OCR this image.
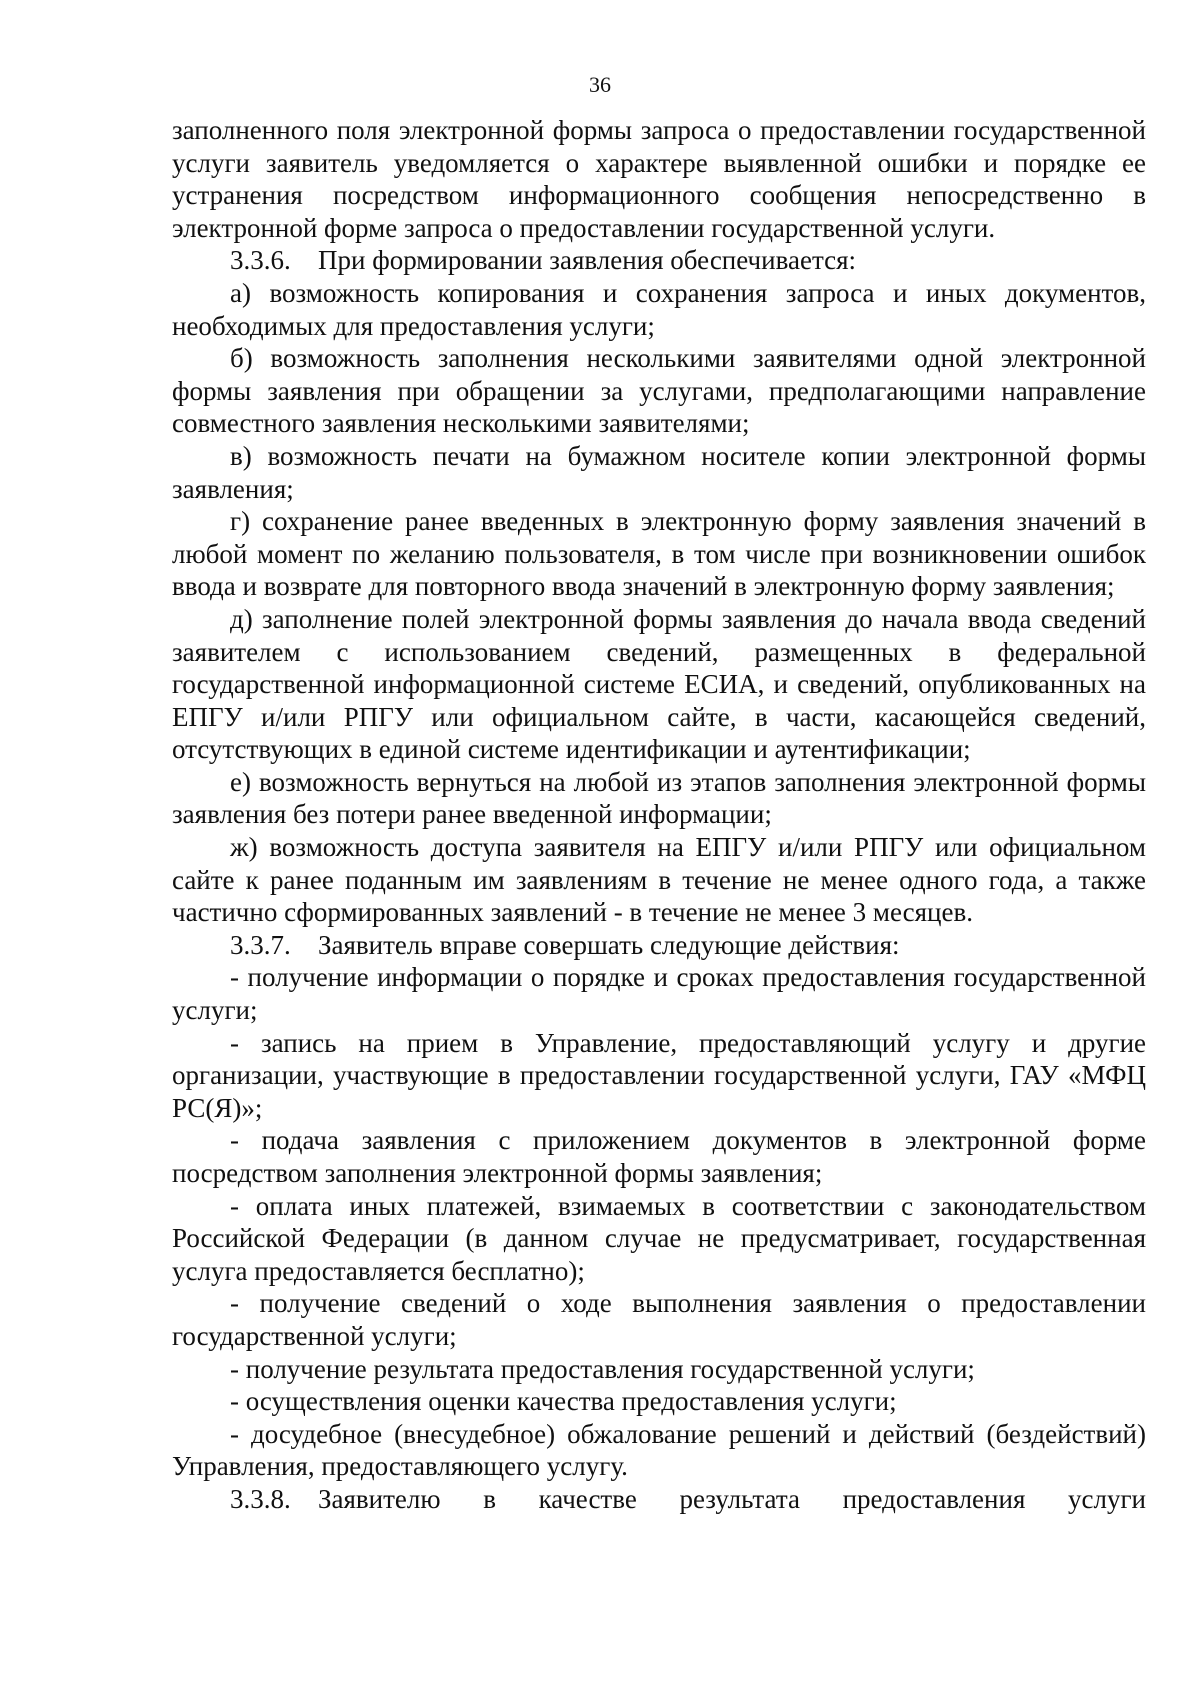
36

заполненного поля электронной формы запроса о предоставлении государственной услуги заявитель уведомляется о характере выявленной ошибки и порядке ее устранения посредством информационного сообщения непосредственно в электронной форме запроса о предоставлении государственной услуги.

3.3.6. При формировании заявления обеспечивается:

а) возможность копирования и сохранения запроса и иных документов, необходимых для предоставления услуги;

б) возможность заполнения несколькими заявителями одной электронной формы заявления при обращении за услугами, предполагающими направление совместного заявления несколькими заявителями;

в) возможность печати на бумажном носителе копии электронной формы заявления;

г) сохранение ранее введенных в электронную форму заявления значений в любой момент по желанию пользователя, в том числе при возникновении ошибок ввода и возврате для повторного ввода значений в электронную форму заявления;

д) заполнение полей электронной формы заявления до начала ввода сведений заявителем с использованием сведений, размещенных в федеральной государственной информационной системе ЕСИА, и сведений, опубликованных на ЕПГУ и/или РПГУ или официальном сайте, в части, касающейся сведений, отсутствующих в единой системе идентификации и аутентификации;

е) возможность вернуться на любой из этапов заполнения электронной формы заявления без потери ранее введенной информации;

ж) возможность доступа заявителя на ЕПГУ и/или РПГУ или официальном сайте к ранее поданным им заявлениям в течение не менее одного года, а также частично сформированных заявлений - в течение не менее 3 месяцев.

3.3.7. Заявитель вправе совершать следующие действия:

- получение информации о порядке и сроках предоставления государственной услуги;

- запись на прием в Управление, предоставляющий услугу и другие организации, участвующие в предоставлении государственной услуги, ГАУ «МФЦ РС(Я)»;

- подача заявления с приложением документов в электронной форме посредством заполнения электронной формы заявления;

- оплата иных платежей, взимаемых в соответствии с законодательством Российской Федерации (в данном случае не предусматривает, государственная услуга предоставляется бесплатно);

- получение сведений о ходе выполнения заявления о предоставлении государственной услуги;

- получение результата предоставления государственной услуги;

- осуществления оценки качества предоставления услуги;

- досудебное (внесудебное) обжалование решений и действий (бездействий) Управления, предоставляющего услугу.

3.3.8. Заявителю в качестве результата предоставления услуги
